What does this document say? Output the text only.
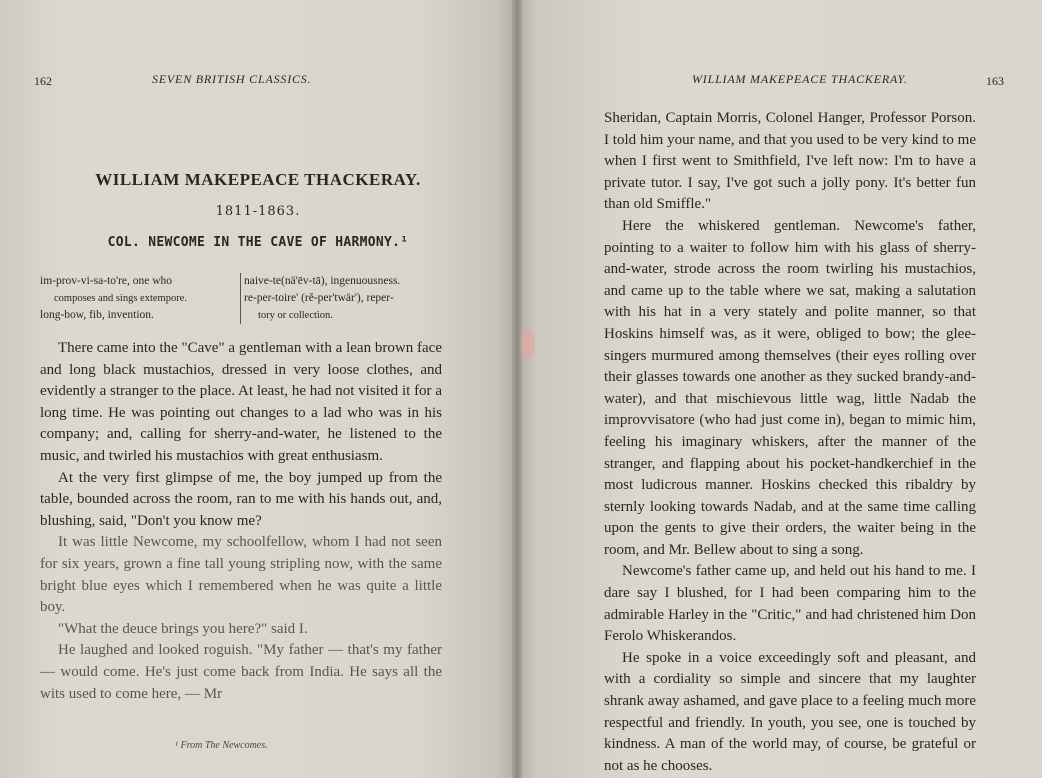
162	SEVEN BRITISH CLASSICS.
WILLIAM MAKEPEACE THACKERAY.
1811-1863.
COL. NEWCOME IN THE CAVE OF HARMONY.¹
im-prov-vi-sa-to're, one who
composes and sings extempore.
long-bow, fib, invention.
naive-te(nä'ēv-tā), ingenuousness.
re-per-toire' (rĕ-per'twär'), reper-
tory or collection.

There came into the "Cave" a gentleman with a lean brown face and long black mustachios, dressed in very loose clothes, and evidently a stranger to the place. At least, he had not visited it for a long time. He was pointing out changes to a lad who was in his company; and, calling for sherry-and-water, he listened to the music, and twirled his mustachios with great enthusiasm.

At the very first glimpse of me, the boy jumped up from the table, bounded across the room, ran to me with his hands out, and, blushing, said, "Don't you know me?

It was little Newcome, my schoolfellow, whom I had not seen for six years, grown a fine tall young stripling now, with the same bright blue eyes which I remembered when he was quite a little boy.

"What the deuce brings you here?" said I.

He laughed and looked roguish. "My father — that's my father — would come. He's just come back from India. He says all the wits used to come here, — Mr

¹ From The Newcomes.
WILLIAM MAKEPEACE THACKERAY.	163

Sheridan, Captain Morris, Colonel Hanger, Professor Porson. I told him your name, and that you used to be very kind to me when I first went to Smithfield, I've left now: I'm to have a private tutor. I say, I've got such a jolly pony. It's better fun than old Smiffle."

Here the whiskered gentleman. Newcome's father, pointing to a waiter to follow him with his glass of sherry-and-water, strode across the room twirling his mustachios, and came up to the table where we sat, making a salutation with his hat in a very stately and polite manner, so that Hoskins himself was, as it were, obliged to bow; the glee-singers murmured among themselves (their eyes rolling over their glasses towards one another as they sucked brandy-and-water), and that mischievous little wag, little Nadab the improvvisatore (who had just come in), began to mimic him, feeling his imaginary whiskers, after the manner of the stranger, and flapping about his pocket-handkerchief in the most ludicrous manner. Hoskins checked this ribaldry by sternly looking towards Nadab, and at the same time calling upon the gents to give their orders, the waiter being in the room, and Mr. Bellew about to sing a song.

Newcome's father came up, and held out his hand to me. I dare say I blushed, for I had been comparing him to the admirable Harley in the "Critic," and had christened him Don Ferolo Whiskerandos.

He spoke in a voice exceedingly soft and pleasant, and with a cordiality so simple and sincere that my laughter shrank away ashamed, and gave place to a feeling much more respectful and friendly. In youth, you see, one is touched by kindness. A man of the world may, of course, be grateful or not as he chooses.
